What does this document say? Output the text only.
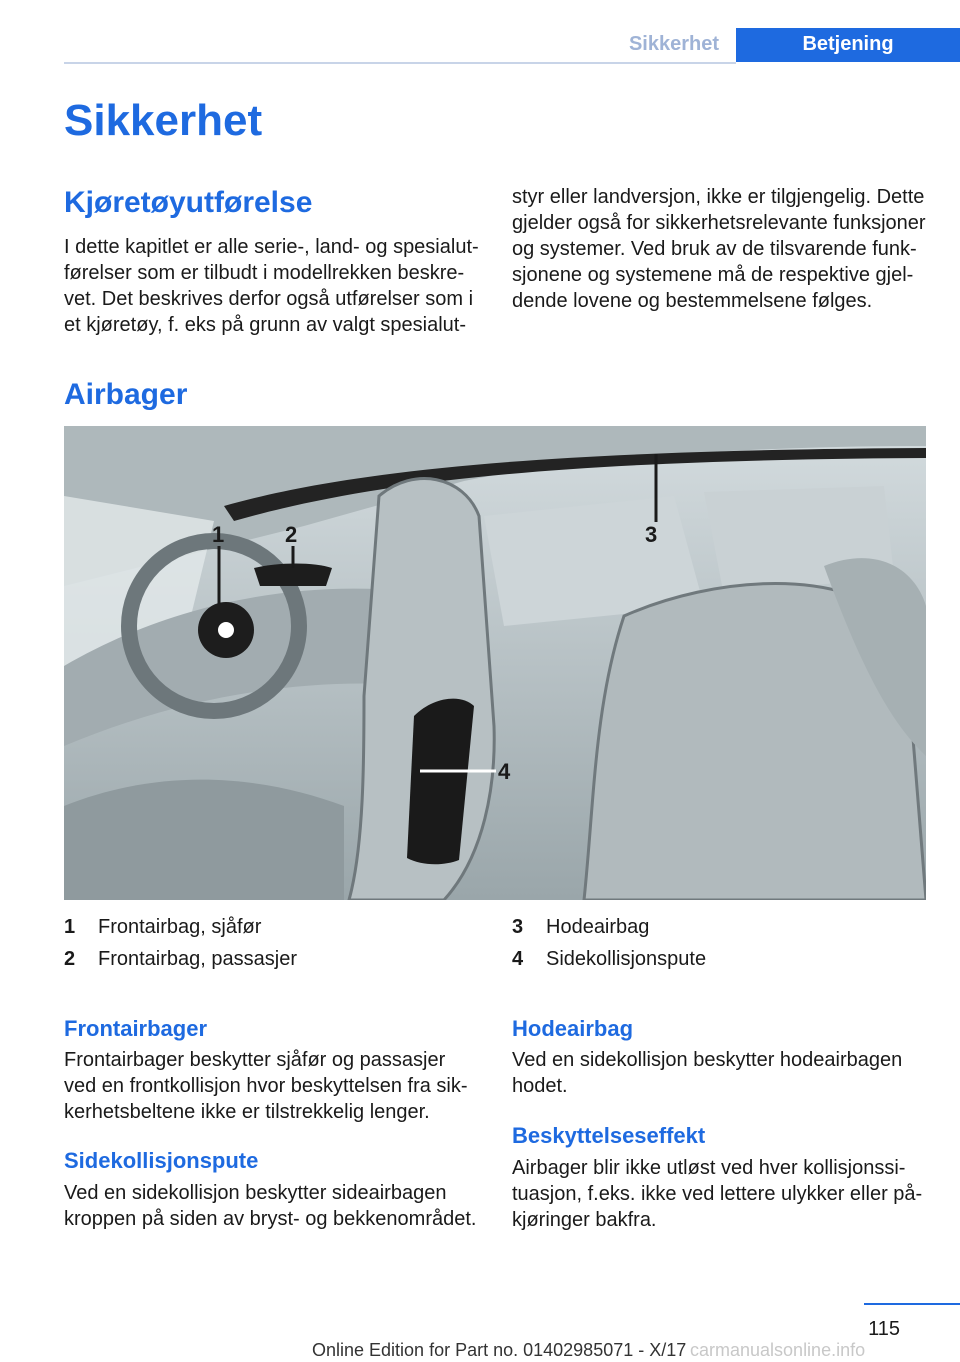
Sikkerhet	Betjening
Sikkerhet
Kjøretøyutførelse

I dette kapitlet er alle serie-, land- og spesialut-

førelser som er tilbudt i modellrekken beskre-

vet. Det beskrives derfor også utførelser som i

et kjøretøy, f. eks på grunn av valgt spesialut-

styr eller landversjon, ikke er tilgjengelig. Dette

gjelder også for sikkerhetsrelevante funksjoner

og systemer. Ved bruk av de tilsvarende funk-

sjonene og systemene må de respektive gjel-

dende lovene og bestemmelsene følges.

Airbager
1	2	3
4
1 Frontairbag, sjåfør
2 Frontairbag, passasjer
3 Hodeairbag
4 Sidekollisjonspute
Frontairbager

Frontairbager beskytter sjåfør og passasjer

ved en frontkollisjon hvor beskyttelsen fra sik-

kerhetsbeltene ikke er tilstrekkelig lenger.

Sidekollisjonspute

Ved en sidekollisjon beskytter sideairbagen

kroppen på siden av bryst- og bekkenområdet.

Hodeairbag

Ved en sidekollisjon beskytter hodeairbagen

hodet.

Beskyttelseseffekt

Airbager blir ikke utløst ved hver kollisjonssi-

tuasjon, f.eks. ikke ved lettere ulykker eller på-

kjøringer bakfra.

115
Online Edition for Part no. 01402985071 - X/17 carmanualsonline.info
